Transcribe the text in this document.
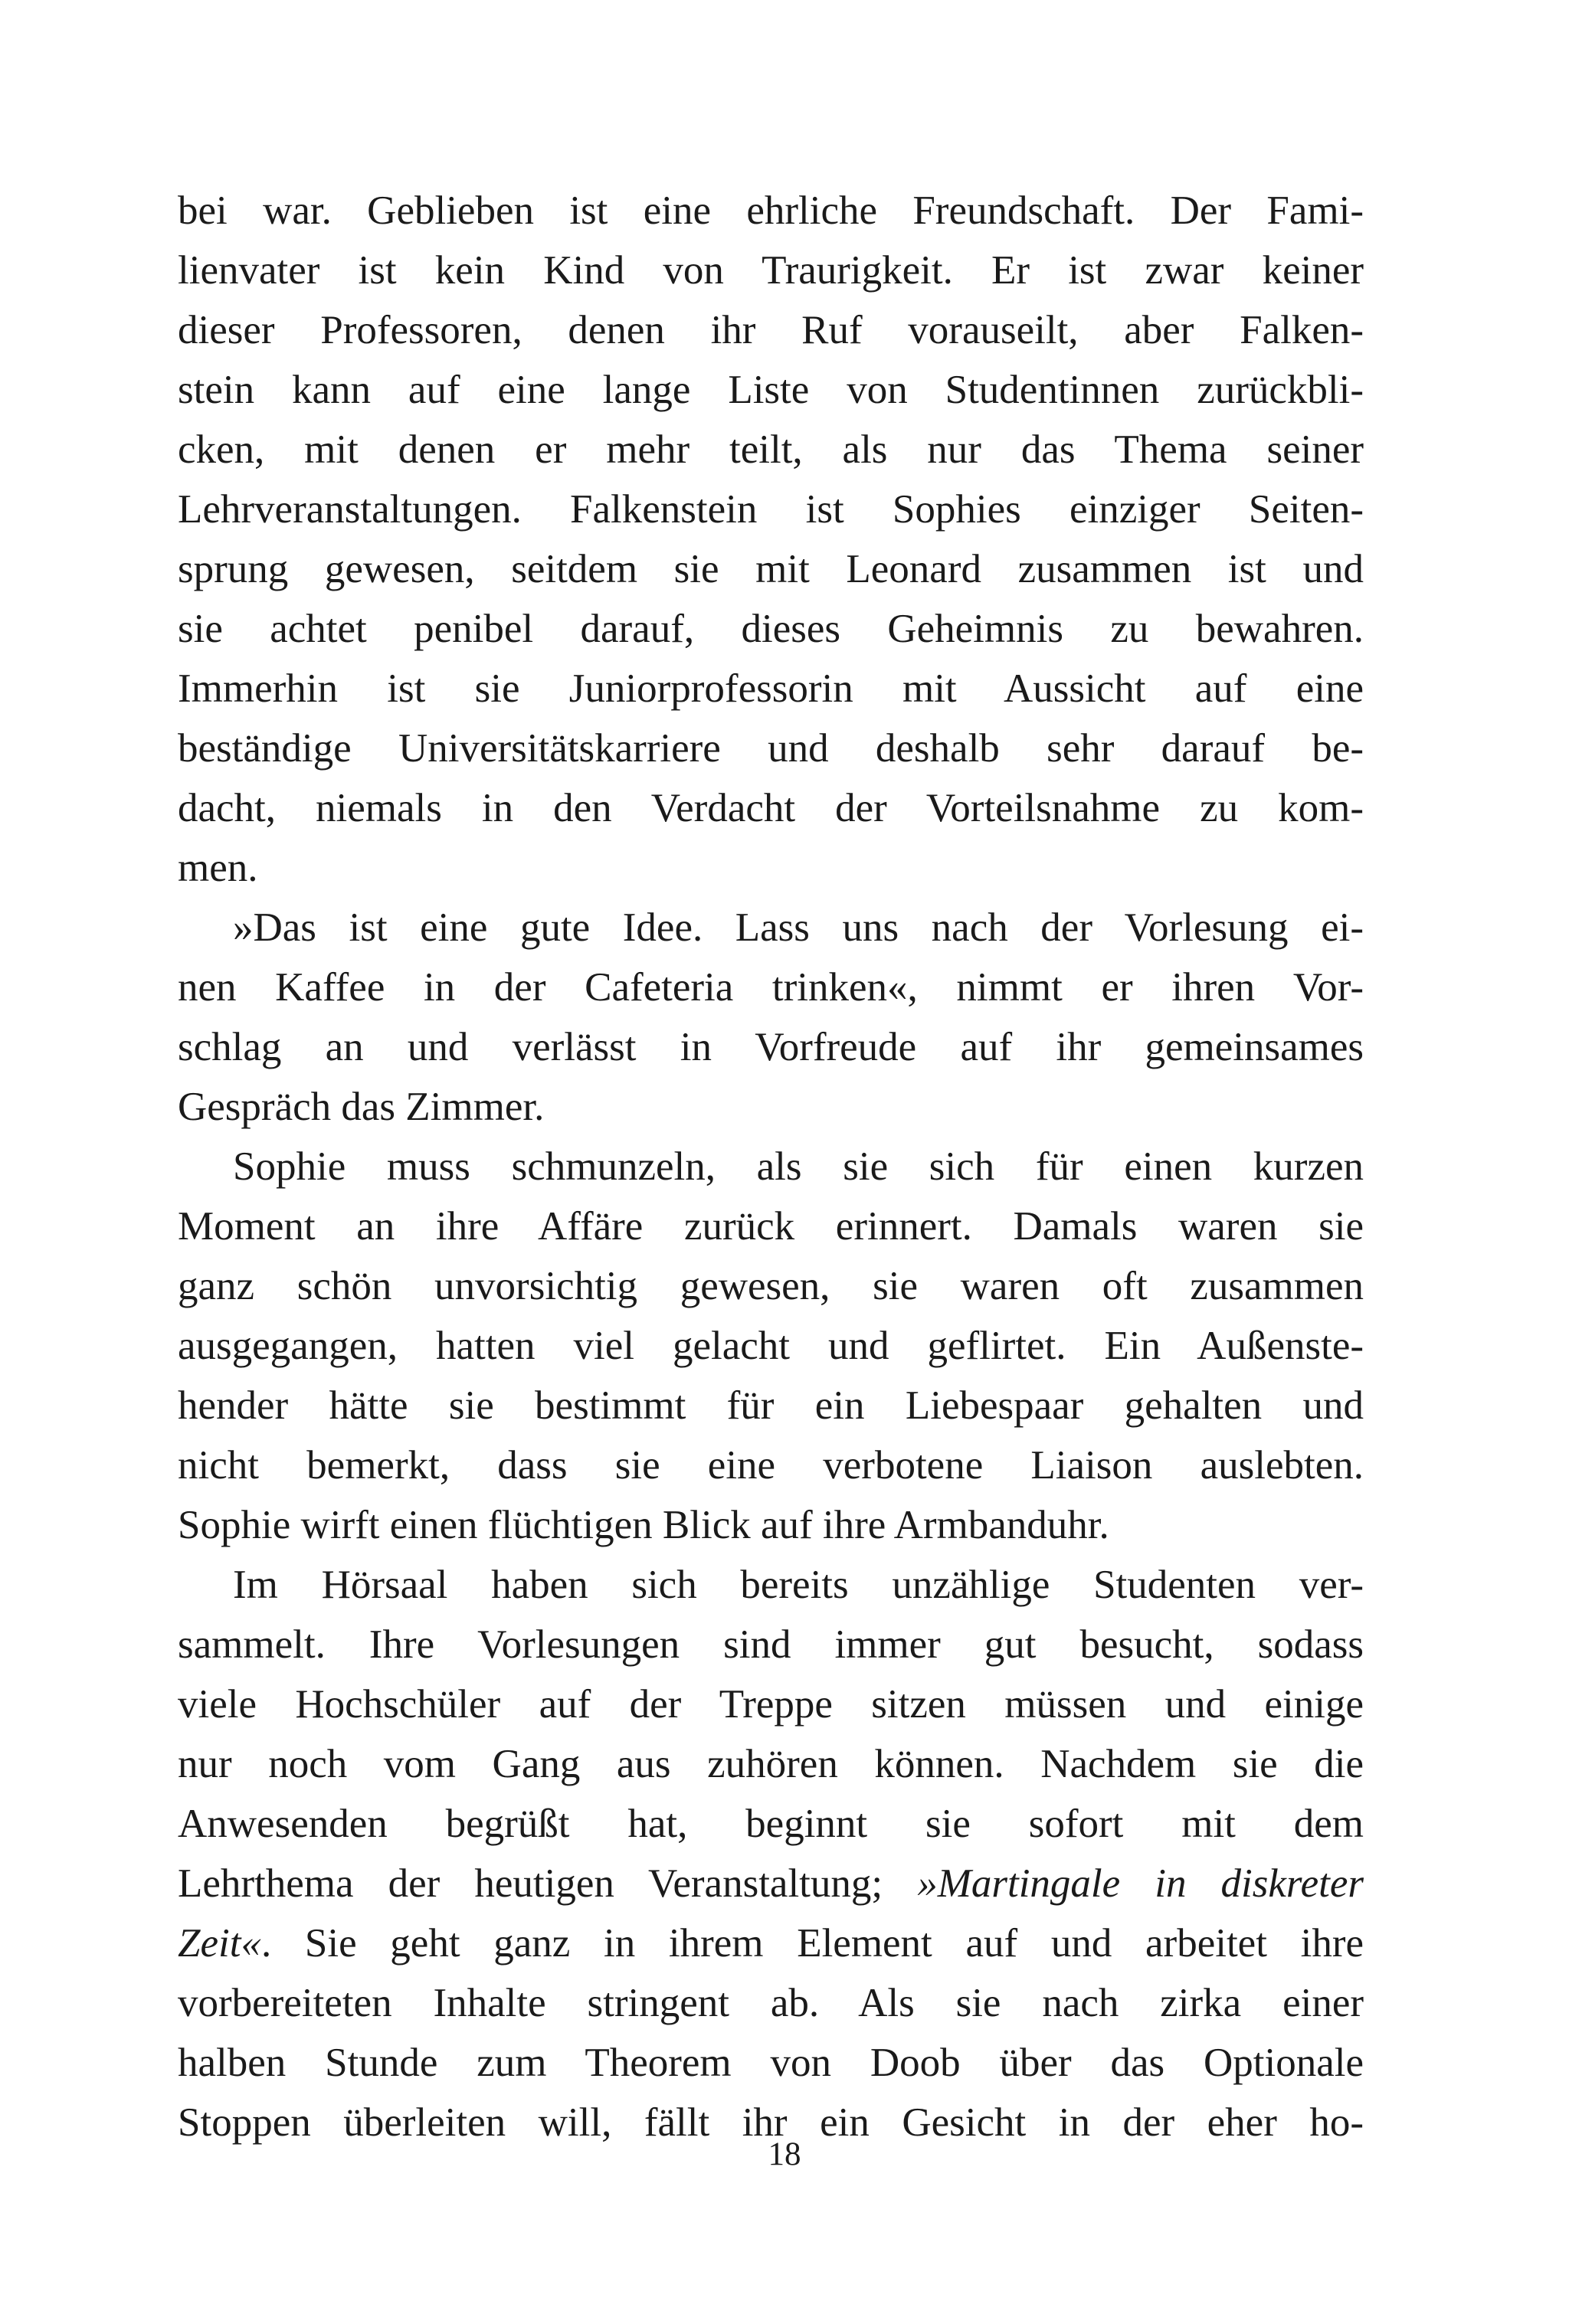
bei war. Geblieben ist eine ehrliche Freundschaft. Der Fami-
lienvater ist kein Kind von Traurigkeit. Er ist zwar keiner
dieser Professoren, denen ihr Ruf vorauseilt, aber Falken-
stein kann auf eine lange Liste von Studentinnen zurückbli-
cken, mit denen er mehr teilt, als nur das Thema seiner
Lehrveranstaltungen. Falkenstein ist Sophies einziger Seiten-
sprung gewesen, seitdem sie mit Leonard zusammen ist und
sie achtet penibel darauf, dieses Geheimnis zu bewahren.
Immerhin ist sie Juniorprofessorin mit Aussicht auf eine
beständige Universitätskarriere und deshalb sehr darauf be-
dacht, niemals in den Verdacht der Vorteilsnahme zu kom-
men.
»Das ist eine gute Idee. Lass uns nach der Vorlesung ei-
nen Kaffee in der Cafeteria trinken«, nimmt er ihren Vor-
schlag an und verlässt in Vorfreude auf ihr gemeinsames
Gespräch das Zimmer.
Sophie muss schmunzeln, als sie sich für einen kurzen
Moment an ihre Affäre zurück erinnert. Damals waren sie
ganz schön unvorsichtig gewesen, sie waren oft zusammen
ausgegangen, hatten viel gelacht und geflirtet. Ein Außenste-
hender hätte sie bestimmt für ein Liebespaar gehalten und
nicht bemerkt, dass sie eine verbotene Liaison auslebten.
Sophie wirft einen flüchtigen Blick auf ihre Armbanduhr.
Im Hörsaal haben sich bereits unzählige Studenten ver-
sammelt. Ihre Vorlesungen sind immer gut besucht, sodass
viele Hochschüler auf der Treppe sitzen müssen und einige
nur noch vom Gang aus zuhören können. Nachdem sie die
Anwesenden begrüßt hat, beginnt sie sofort mit dem
Lehrthema der heutigen Veranstaltung; »Martingale in diskreter
Zeit«. Sie geht ganz in ihrem Element auf und arbeitet ihre
vorbereiteten Inhalte stringent ab. Als sie nach zirka einer
halben Stunde zum Theorem von Doob über das Optionale
Stoppen überleiten will, fällt ihr ein Gesicht in der eher ho-
18
